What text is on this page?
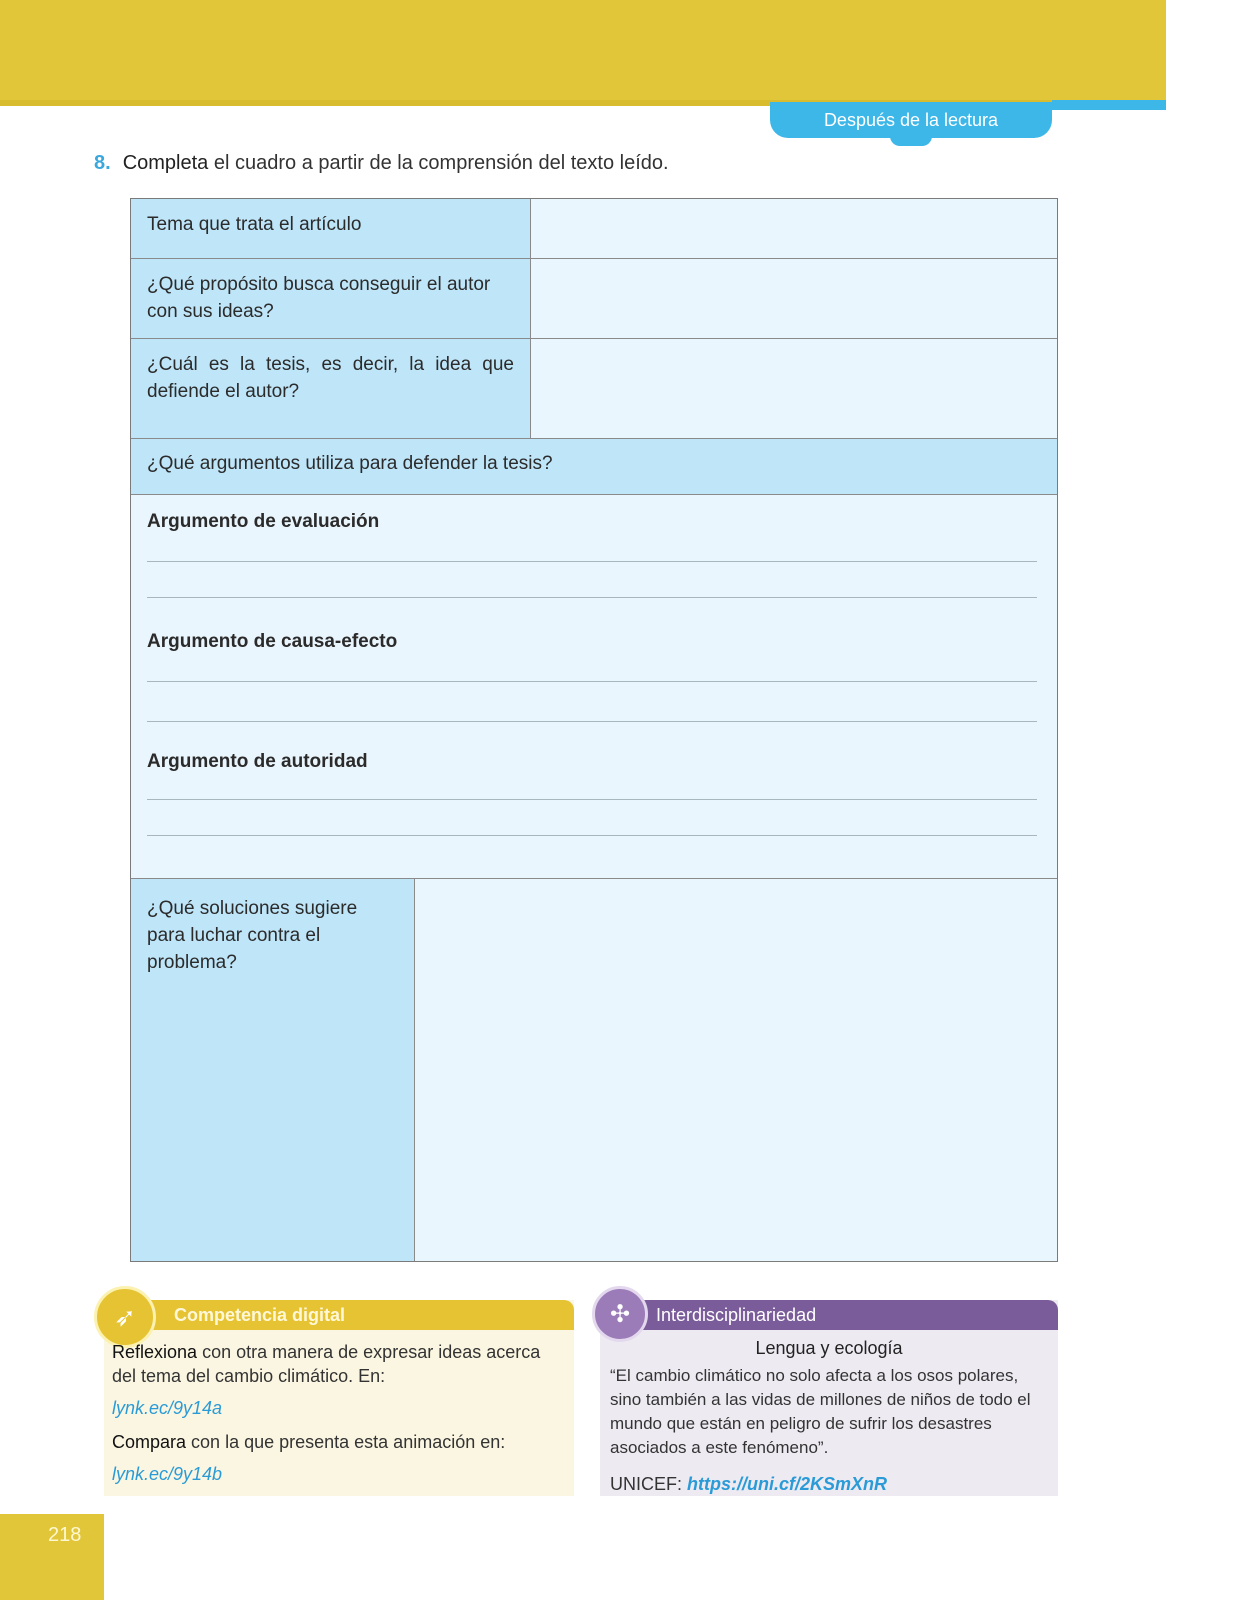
Después de la lectura
8. Completa el cuadro a partir de la comprensión del texto leído.
Tema que trata el artículo
¿Qué propósito busca conseguir el autor con sus ideas?
¿Cuál es la tesis, es decir, la idea que defiende el autor?
¿Qué argumentos utiliza para defender la tesis?
Argumento de evaluación
Argumento de causa-efecto
Argumento de autoridad
¿Qué soluciones sugiere para luchar contra el problema?
Competencia digital
➶

Reflexiona con otra manera de expresar ideas acerca del tema del cambio climático. En:

lynk.ec/9y14a

Compara con la que presenta esta animación en:

lynk.ec/9y14b
Interdisciplinariedad
✣
Lengua y ecología
“El cambio climático no solo afecta a los osos polares, sino también a las vidas de millones de niños de todo el mundo que están en peligro de sufrir los desastres asociados a este fenómeno”.
UNICEF: https://uni.cf/2KSmXnR
218
